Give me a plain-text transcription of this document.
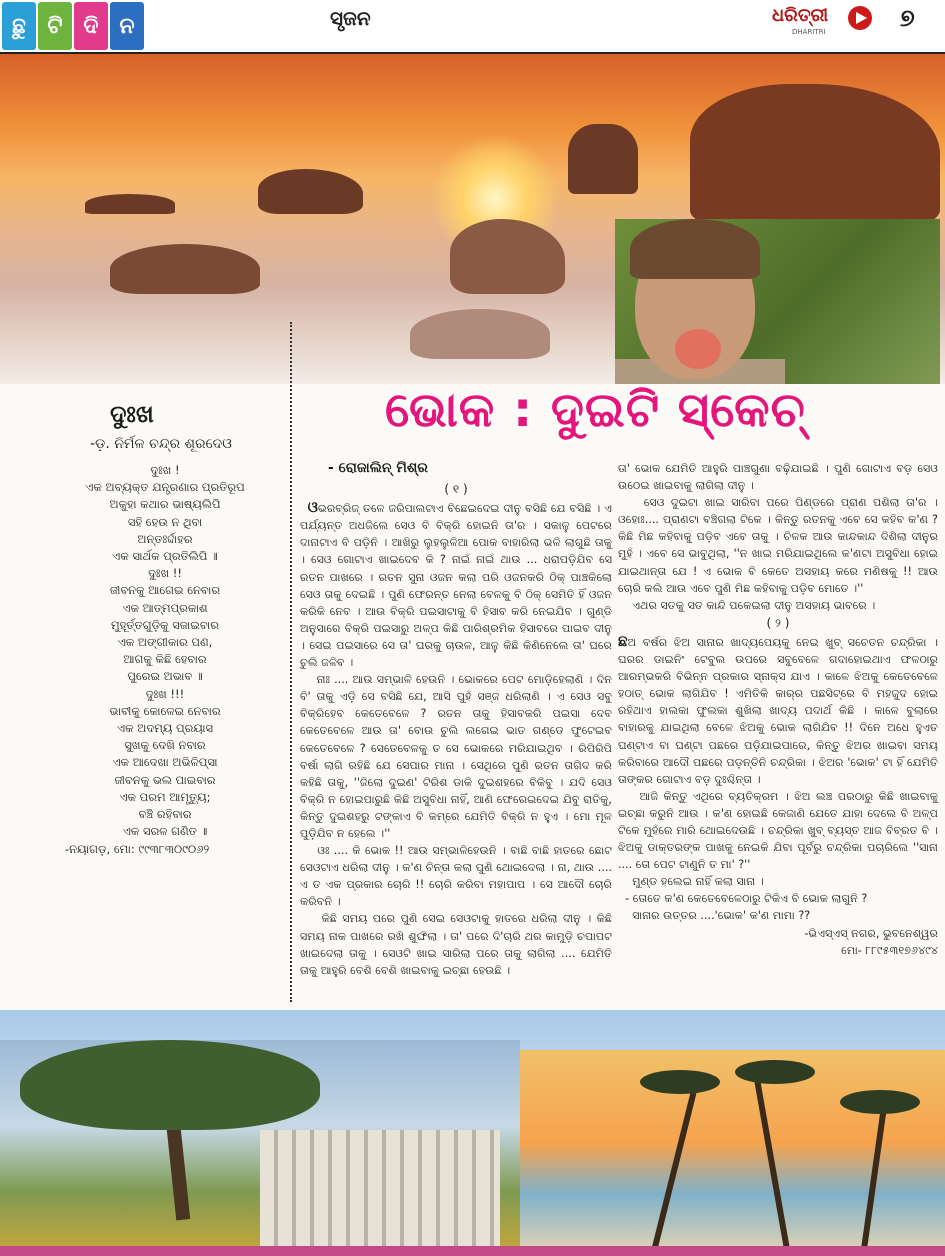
ଛୁ ଟି ଦି ନ	ସୃଜନ	ଧରିତ୍ରୀ
DHARITRI	୭
ଭୋକ : ଦୁଇଟି ସ୍କେଚ୍
ଦୁଃଖ
-ଡ଼. ନିର୍ମଳ ଚନ୍ଦ୍ର ଶୂରଦେଓ
ଦୁଃଖ !
ଏକ ଅବ୍ୟକ୍ତ ଯନ୍ତ୍ରଣାର ପ୍ରତିରୂପ
ଅକୁହା କଥାର ଭାଷ୍ୟଲିପି
ସହି ହେଉ ନ ଥିବା
ଅନ୍ତଃର୍ଦ୍ଦାହର
ଏକ ସାର୍ଥକ ପ୍ରତିଲିପି ॥
ଦୁଃଖ !!
ଜୀବନକୁ ଆଗେଇ ନେବାର
ଏକ ଆତ୍ମପ୍ରକାଶ
ମୁହୂର୍ତ୍ତଗୁଡ଼ିକୁ ସଜାଇବାର
ଏକ ଅଙ୍ଗୀକାର ପଣ,
ଆଗକୁ କିଛି ହେବାର
ପୁରେଇ ଅଭାବ ॥
ଦୁଃଖ !!!
ଭାବୀକୁ କୋଳେଇ ନେବାର
ଏକ ଅଦମ୍ୟ ପ୍ରୟାସ
ସୁଖକୁ ଦେଖି ନବାର
ଏକ ଆଦେଖା ଅଭିଳିପ୍ସା
ଜୀବନକୁ ଭଲ ପାଇବାର
ଏକ ପରମ ଆମୃତ୍ୟୁ;
ବଞ୍ଚି ରହିବାର
ଏକ ସରଳ ଗଣିତ ॥
-ନୟାଗଡ଼, ମୋ: ୯୯୩୮୩୦୯୦୬୨
- ରୋଜାଲିନ୍ ମିଶ୍ର
( ୧ )

ଓଭରବ୍ରିଜ୍ ତଳେ ଜରିପାଲଟାଏ ବିଛେଇଦେଇ ଦୀନୁ ବସିଛି ଯେ ବସିଛି । ଏ ପର୍ଯ୍ୟନ୍ତ ଅଧଜିଲେ ସେଓ ବି ବିକ୍ରି ହୋଇନି ତା'ର । ସକାଳୁ ପେଟରେ ଦାନାଟାଏ ବି ପଡ଼ିନି । ଆଖିରୁ ଲୁହଲୁଳିଆ ପୋକ ବାହାରିଲା ଭଳି ଲାଗୁଛି ତାକୁ । ସେଓ ଗୋଟାଏ ଖାଇଦେବ କି ? ନାଇଁ ନାଇଁ ଥାଉ ... ଧରାପଡ଼ିଯିବ ସେ ରତନ ପାଖରେ । ରତନ ସୁନା ଓଜନ କଲା ପରି ଓଜନକରି ଠିକ୍ ପାଞ୍ଚକିଲୋ ସେଓ ତାକୁ ଦେଇଛି । ପୁଣି ଫେରନ୍ତ ନେଲା ବେଳକୁ ବି ଠିକ୍ ସେମିତି ହିଁ ଓଜନ କରିକି ନେବ । ଆଉ ବିକ୍ରି ପଇସାଟାକୁ ବି ହିସାବ କରି ନେଇଯିବ । ଗୁଣ୍ଡି ଅନୁସାରେ ବିକ୍ରି ପଇସାରୁ ଅଳ୍ପ କିଛି ପାରିଶ୍ରମିକ ହିସାବରେ ପାଇବ ଦୀନୁ । ସେଇ ପଇସାରେ ସେ ତା' ଘରକୁ ଚାଉଳ, ଆଳୁ କିଛି କିଣିନେଲେ ତା' ଘରେ ଚୁଲି ଜଳିବ ।

ନାଃ .... ଆଉ ସମ୍ଭାଳି ହେଉନି । ଭୋକରେ ପେଟ ମୋଡ଼ିହେଲାଣି । ଦିନ ବି' ତାକୁ ଏଡ଼ି ସେ ବସିଛି ଯେ, ଆସି ପୁହଁ ସଞ୍ଜ ଧରିଲାଣି । ଏ ସେଓ ସବୁ ବିକ୍ରିହେବ କେତେବେଳେ ? ରତନ ତାକୁ ହିସାବକରି ପଇସା ଦେବ କେତେବେଳେ ଆଉ ତା' ବୋଉ ଚୁଲି ଲଗେଇ ଭାତ ଗଣ୍ଡେ ଫୁଟେଇବ କେତେବେଳେ ? ସେତେବେଳକୁ ତ ସେ ଭୋକରେ ମରିଯାଇଥିବ । ରିପିରିପି ବର୍ଷା ଲାଗି ରହିଛି ଯେ ସେପାର ମାନା । ସେଥିରେ ପୁଣି ରତନ ତାଗିଦ କରି କହିଛି ତାକୁ, ''ଜିଲୋ ଦୁଇଣ' ଟିରିଶ ଡାକି ଦୁଇଶହରେ ବିକିବୁ । ଯଦି ସେଓ ବିକ୍ରି ନ ହୋଇପାରୁଛି କିଛି ଅସୁବିଧା ନାହିଁ, ଆଣି ଫେରେଇଦେଇ ଯିବୁ ରାତିକୁ, କିନ୍ତୁ ଦୁଇଶହରୁ ଟଙ୍କାଏ ବି କମ୍‌ରେ ଯେମିତି ବିକ୍ରି ନ ହୁଏ । ମୋ ମୂଳ ପୁଡ଼ିଯିବ ନ ହେଲେ ।''

ଓଃ .... କି ଭୋକ !! ଆଉ ସମ୍ଭାଳିହେଉନି । ବାଛି ବାଛି ହାତରେ ଛୋଟ ସେଓଟାଏ ଧରିଲା ଦୀନୁ । କ'ଣ ଚିନ୍ତା କଲା ପୁଣି ଥୋଇଦେଲା । ନା, ଥାଉ .... ଏ ତ ଏକ ପ୍ରକାର ଚୋରି !! ଚୋରି କରିବା ମହାପାପ । ସେ ଆଦୌ ଚୋରି କରିବନି ।

କିଛି ସମୟ ପରେ ପୁଣି ସେଇ ସେଓଟାକୁ ହାତରେ ଧରିଲା ଦୀନୁ । କିଛି ସମୟ ନାକ ପାଖରେ ରଖି ଶୁଙ୍ଘିଲା । ତା' ପରେ ଦି'ଚାରି ଥର କାମୁଡ଼ି ଚପାପଟ ଖାଇଦେଲା ତାକୁ । ସେଓଟି ଖାଇ ସାରିଲା ପରେ ତାକୁ ଲାଗିଲା .... ଯେମିତି ତାକୁ ଆହୁରି ବେଶି ବେଶି ଖାଇବାକୁ ଇଚ୍ଛା ହେଉଛି ।

ତା' ଭୋକ ଯେମିତି ଆହୁରି ପାଞ୍ଚଗୁଣା ବଢ଼ିଯାଇଛି । ପୁଣି ଗୋଟାଏ ବଡ଼ ସେଓ ଉଠେଇ ଖାଇବାକୁ ଲାଗିଲା ଦୀନୁ ।

ସେଓ ଦୁଇଟା ଖାଇ ସାରିବା ପରେ ପିଣ୍ଡରେ ପ୍ରାଣ ପଶିଲା ତା'ର । ଓହୋଃ.... ପ୍ରାଣଟା ବଞ୍ଚିଗଲା ଟିକେ । କିନ୍ତୁ ରତନକୁ ଏବେ ସେ କହିବ କ'ଣ ? କିଛି ମିଛ କହିବାକୁ ପଡ଼ିବ ଏବେ ତାକୁ । ଚିଳକ ଆଉ କାନ୍ଦକାନ୍ଦ ଦିଶିଲା ଦୀନୁର ମୁହଁ । ଏବେ ସେ ଭାବୁଥିଲା, ''ନ ଖାଇ ମରିଯାଇଥିଲେ କ'ଣଟା ଅସୁବିଧା ହୋଇ ଯାଇଥାନ୍ତା ଯେ ! ଏ ଭୋକ ବି କେତେ ଅସହାୟ କରେ ମଣିଷକୁ !! ଆଉ ଚୋରି କଲି ଆଉ ଏବେ ପୁଣି ମିଛ କହିବାକୁ ପଡ଼ିବ ମୋତେ ।''

ଏଥର ସତକୁ ସତ କାନ୍ଦି ପକେଇଲା ଦୀନୁ ଅସହାୟ ଭାବରେ ।

( ୨ )

ଛଅ ବର୍ଷର ଝିଅ ସାନାର ଖାଦ୍ୟପେୟକୁ ନେଇ ଖୁବ୍ ସଚେତନ ଚନ୍ଦ୍ରିକା । ଘରର ଡାଇନିଂ ଟେବୁଲ ଉପରେ ସବୁବେଳେ ଗଦାହୋଇଥାଏ ଫଳଠାରୁ ଆରମ୍ଭକରି ବିଭିନ୍ନ ପ୍ରକାର ସ୍ନାକ୍ସ ଯାଏ । କାଳେ ଝିଅକୁ କେତେବେଳେ ହଠାତ୍ ଭୋକ ଲାଗିଯିବ ! ଏମିତିକି କାର୍‌ର ପଛସିଟ୍‌ରେ ବି ମହଜୁଦ ହୋଇ ରହିଥାଏ ହାଲକା ଫୁଲକା ଶୁଖିଲା ଖାଦ୍ୟ ପଦାର୍ଥ କିଛି । କାଳେ ବୁଲାରେ ବାହାରକୁ ଯାଇଥିଲା ବେଳେ ଝିଅକୁ ଭୋକ ଲାଗିଯିବ !! ଦିନେ ଅଧେ ହୁଏତ ଘଣ୍ଟାଏ ବା ଘଣ୍ଟା ପଛରେ ପଡ଼ିଯାଇପାରେ, କିନ୍ତୁ ଝିଅର ଖାଇବା ସମୟ କରିବାରେ ଆଦୌ ପଛରେ ପଡ଼ନ୍ତିନି ଚନ୍ଦ୍ରିକା । ଝିଅର 'ଭୋକ' ଟା ହିଁ ଯେମିତି ତାଙ୍କର ଗୋଟାଏ ବଡ଼ ଦୁଃଶ୍ଚିନ୍ତା ।

ଆଜି କିନ୍ତୁ ଏଥିରେ ବ୍ୟତିକ୍ରମ । ଝିଅ ଲଞ୍ଚ ପରଠାରୁ କିଛି ଖାଇବାକୁ ଇଚ୍ଛା କରୁନି ଆଉ । କ'ଣ ହୋଇଛି କେଜାଣି ଯେତେ ଯାହା ଦେଲେ ବି ଅଳ୍ପ ଟିକେ ମୁହଁରେ ମାରି ଥୋଇଦେଉଛି । ଚନ୍ଦ୍ରିକା ଖୁବ୍ ବ୍ୟସ୍ତ ଆଜ ବିବ୍ରତ ବି । ଝିଅକୁ ଡାକ୍ତରଙ୍କ ପାଖକୁ ନେଇକି ଯିବା ପୂର୍ବରୁ ଚନ୍ଦ୍ରିକା ପଚାରିଲେ ''ସାନା .... ତୋ ପେଟ ଟାଣୁନି ତ ମା' ?''

ମୁଣ୍ଡ ହଲେଇ ନାହିଁ କଲା ସାନା ।

- ତୋତେ କ'ଣ କେତେବେଳେଠାରୁ ଟିକିଏ ବି ଭୋକ ଲାଗୁନି ?

ସାନାର ଉତ୍ତର ....'ଭୋକ' କ'ଣ ମାମା ??

-ଭିଏସ୍‌ଏସ୍ ନଗର, ଭୁବନେଶ୍ୱର

ମୋ- ୮୮୯୫୩୧୭୬୪୯୪
